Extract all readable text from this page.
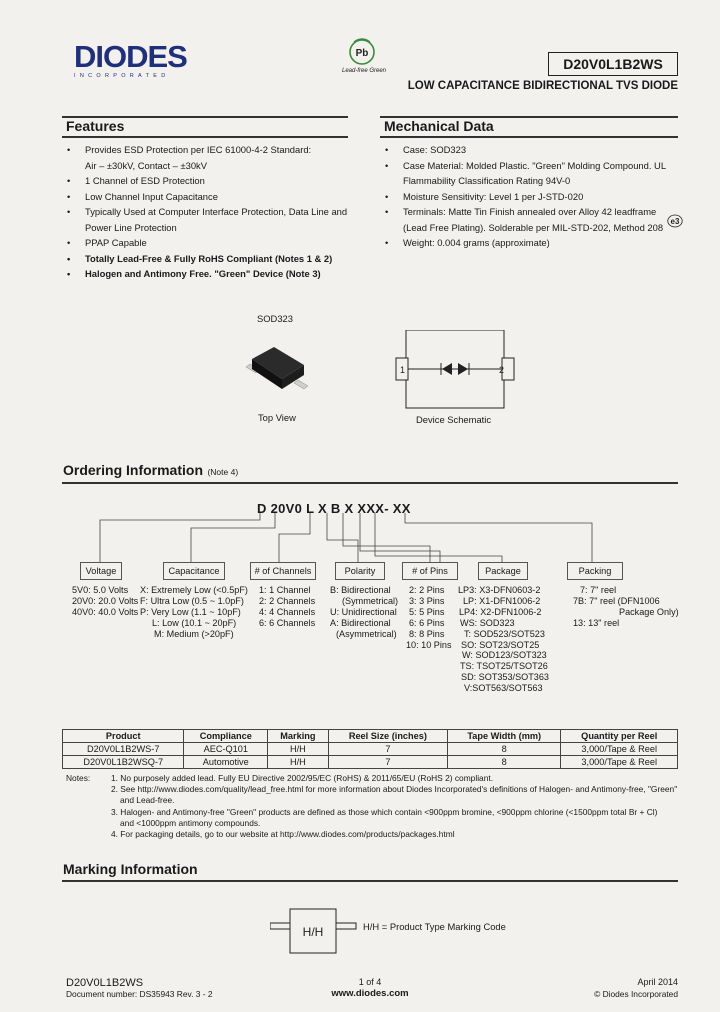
DIODES
INCORPORATED
Pb
Lead-free Green	D20V0L1B2WS
LOW CAPACITANCE BIDIRECTIONAL TVS DIODE
Features
• Provides ESD Protection per IEC 61000-4-2 Standard:
Air – ±30kV, Contact – ±30kV
• 1 Channel of ESD Protection
• Low Channel Input Capacitance
• Typically Used at Computer Interface Protection, Data Line and
Power Line Protection
• PPAP Capable
• Totally Lead-Free & Fully RoHS Compliant (Notes 1 & 2)
• Halogen and Antimony Free. "Green" Device (Note 3)
Mechanical Data
• Case: SOD323
• Case Material: Molded Plastic. "Green" Molding Compound. UL
Flammability Classification Rating 94V-0
• Moisture Sensitivity: Level 1 per J-STD-020
• Terminals: Matte Tin Finish annealed over Alloy 42 leadframe
(Lead Free Plating). Solderable per MIL-STD-202, Method 208
• Weight: 0.004 grams (approximate)
e3
SOD323
Top View
1	2
Device Schematic
Ordering Information (Note 4)
D 20V0 L X B X XXX- XX
Voltage	Capacitance	# of Channels	Polarity	# of Pins	Package	Packing
5V0: 5.0 Volts
20V0: 20.0 Volts
40V0: 40.0 Volts
X: Extremely Low (<0.5pF)
F: Ultra Low (0.5 ~ 1.0pF)
P: Very Low (1.1 ~ 10pF)
L: Low (10.1 ~ 20pF)
M: Medium (>20pF)
1: 1 Channel
2: 2 Channels
4: 4 Channels
6: 6 Channels
B: Bidirectional
(Symmetrical)
U: Unidirectional
A: Bidirectional
(Asymmetrical)
2: 2 Pins
3: 3 Pins
5: 5 Pins
6: 6 Pins
8: 8 Pins
10: 10 Pins
LP3: X3-DFN0603-2
LP: X1-DFN1006-2
LP4: X2-DFN1006-2
WS: SOD323
T: SOD523/SOT523
SO: SOT23/SOT25
W: SOD123/SOT323
TS: TSOT25/TSOT26
SD: SOT353/SOT363
V:SOT563/SOT563
7: 7" reel
7B: 7" reel (DFN1006
Package Only)
13: 13" reel
Product	Compliance	Marking	Reel Size (inches)	Tape Width (mm)	Quantity per Reel
D20V0L1B2WS-7	AEC-Q101	H/H	7	8	3,000/Tape & Reel
D20V0L1B2WSQ-7	Automotive	H/H	7	8	3,000/Tape & Reel
Notes: 1. No purposely added lead. Fully EU Directive 2002/95/EC (RoHS) & 2011/65/EU (RoHS 2) compliant.
2. See http://www.diodes.com/quality/lead_free.html for more information about Diodes Incorporated's definitions of Halogen- and Antimony-free, "Green"
and Lead-free.
3. Halogen- and Antimony-free "Green" products are defined as those which contain <900ppm bromine, <900ppm chlorine (<1500ppm total Br + Cl)
and <1000ppm antimony compounds.
4. For packaging details, go to our website at http://www.diodes.com/products/packages.html
Marking Information
H/H	H/H = Product Type Marking Code
D20V0L1B2WS
Document number: DS35943 Rev. 3 - 2
1 of 4
www.diodes.com
April 2014
© Diodes Incorporated
